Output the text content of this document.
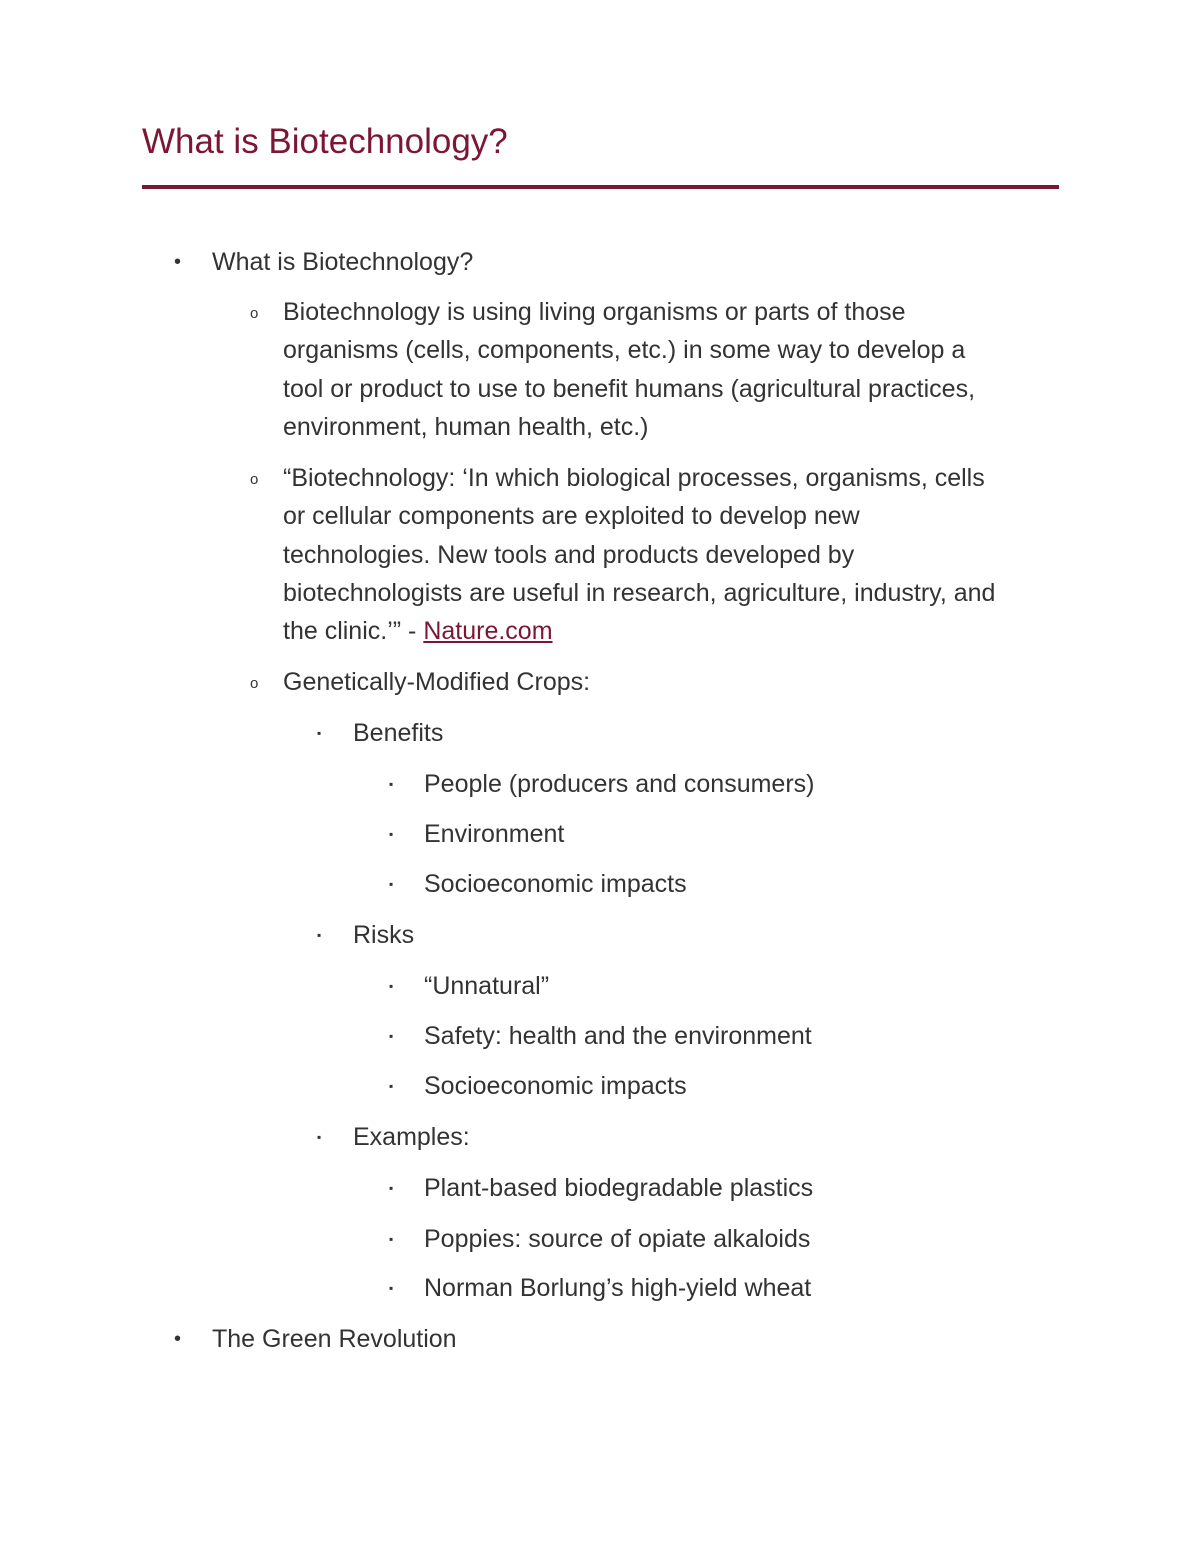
What is Biotechnology?
• What is Biotechnology?
o Biotechnology is using living organisms or parts of those
organisms (cells, components, etc.) in some way to develop a
tool or product to use to benefit humans (agricultural practices,
environment, human health, etc.)
o “Biotechnology: ‘In which biological processes, organisms, cells
or cellular components are exploited to develop new
technologies. New tools and products developed by
biotechnologists are useful in research, agriculture, industry, and
the clinic.’” - Nature.com
o Genetically-Modified Crops:
▪ Benefits
▪ People (producers and consumers)
▪ Environment
▪ Socioeconomic impacts
▪ Risks
▪ “Unnatural”
▪ Safety: health and the environment
▪ Socioeconomic impacts
▪ Examples:
▪ Plant-based biodegradable plastics
▪ Poppies: source of opiate alkaloids
▪ Norman Borlung’s high-yield wheat
• The Green Revolution
